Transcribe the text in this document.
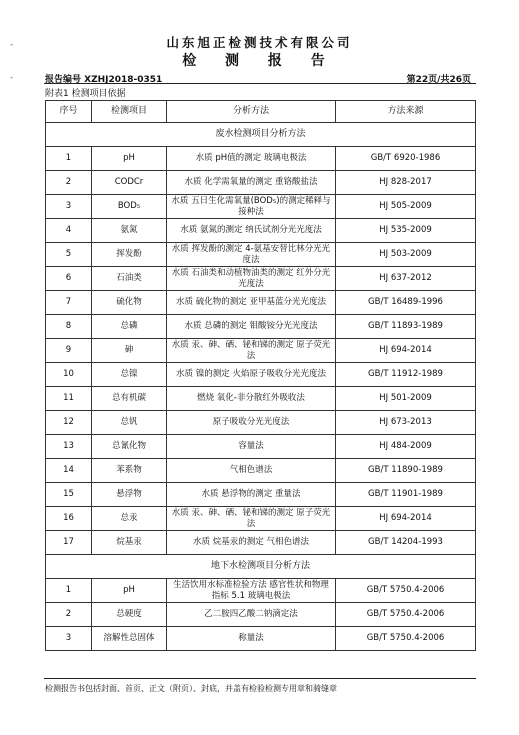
-
-
山东旭正检测技术有限公司
检 测 报 告
报告编号 XZHJ2018-0351	第22页/共26页
附表1 检测项目依据
序号	检测项目	分析方法	方法来源
废水检测项目分析方法			
1	pH	水质 pH值的测定 玻璃电极法	GB/T 6920-1986
2	CODCr	水质 化学需氧量的测定 重铬酸盐法	HJ 828-2017
3	BOD₅	水质 五日生化需氧量(BOD₅)的测定稀释与接种法	HJ 505-2009
4	氨氮	水质 氨氮的测定 纳氏试剂分光光度法	HJ 535-2009
5	挥发酚	水质 挥发酚的测定 4-氨基安替比林分光光度法	HJ 503-2009
6	石油类	水质 石油类和动植物油类的测定 红外分光光度法	HJ 637-2012
7	硫化物	水质 硫化物的测定 亚甲基蓝分光光度法	GB/T 16489-1996
8	总磷	水质 总磷的测定 钼酸铵分光光度法	GB/T 11893-1989
9	砷	水质 汞、砷、硒、铋和锑的测定 原子荧光法	HJ 694-2014
10	总镍	水质 镍的测定 火焰原子吸收分光光度法	GB/T 11912-1989
11	总有机碳	燃烧 氧化-非分散红外吸收法	HJ 501-2009
12	总钒	原子吸收分光光度法	HJ 673-2013
13	总氰化物	容量法	HJ 484-2009
14	苯系物	气相色谱法	GB/T 11890-1989
15	悬浮物	水质 悬浮物的测定 重量法	GB/T 11901-1989
16	总汞	水质 汞、砷、硒、铋和锑的测定 原子荧光法	HJ 694-2014
17	烷基汞	水质 烷基汞的测定 气相色谱法	GB/T 14204-1993
地下水检测项目分析方法			
1	pH	生活饮用水标准检验方法 感官性状和物理指标 5.1 玻璃电极法	GB/T 5750.4-2006
2	总硬度	乙二胺四乙酸二钠滴定法	GB/T 5750.4-2006
3	溶解性总固体	称量法	GB/T 5750.4-2006
检测报告书包括封面、首页、正文（附页）、封底，并盖有检验检测专用章和骑缝章
